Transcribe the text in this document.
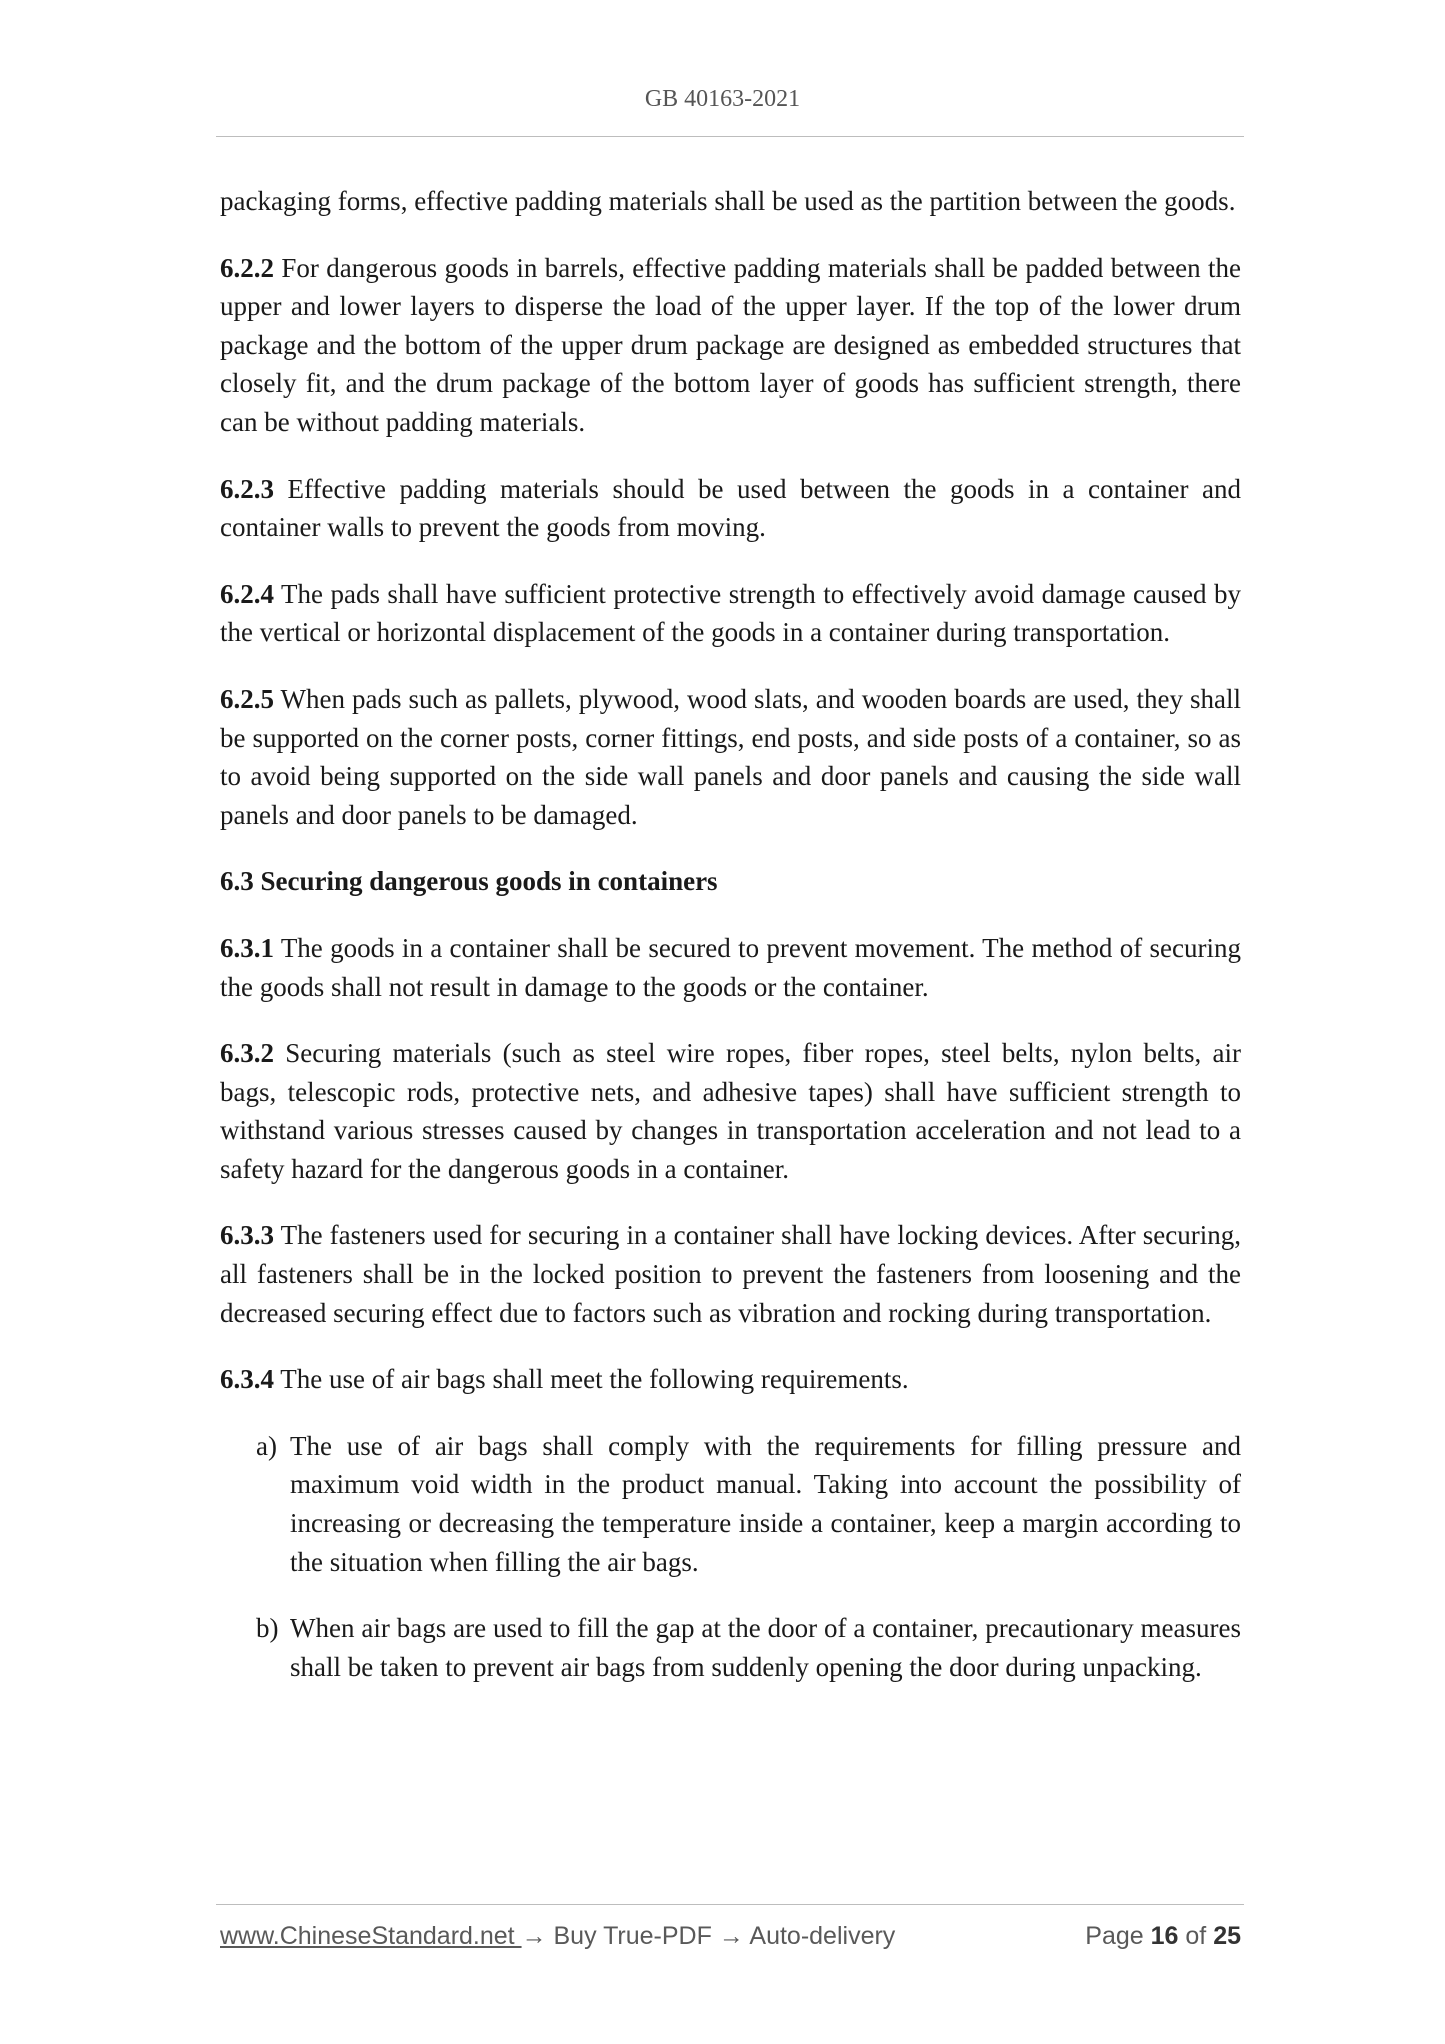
GB 40163-2021

packaging forms, effective padding materials shall be used as the partition between the goods.

6.2.2 For dangerous goods in barrels, effective padding materials shall be padded between the upper and lower layers to disperse the load of the upper layer. If the top of the lower drum package and the bottom of the upper drum package are designed as embedded structures that closely fit, and the drum package of the bottom layer of goods has sufficient strength, there can be without padding materials.

6.2.3 Effective padding materials should be used between the goods in a container and container walls to prevent the goods from moving.

6.2.4 The pads shall have sufficient protective strength to effectively avoid damage caused by the vertical or horizontal displacement of the goods in a container during transportation.

6.2.5 When pads such as pallets, plywood, wood slats, and wooden boards are used, they shall be supported on the corner posts, corner fittings, end posts, and side posts of a container, so as to avoid being supported on the side wall panels and door panels and causing the side wall panels and door panels to be damaged.

6.3 Securing dangerous goods in containers

6.3.1 The goods in a container shall be secured to prevent movement. The method of securing the goods shall not result in damage to the goods or the container.

6.3.2 Securing materials (such as steel wire ropes, fiber ropes, steel belts, nylon belts, air bags, telescopic rods, protective nets, and adhesive tapes) shall have sufficient strength to withstand various stresses caused by changes in transportation acceleration and not lead to a safety hazard for the dangerous goods in a container.

6.3.3 The fasteners used for securing in a container shall have locking devices. After securing, all fasteners shall be in the locked position to prevent the fasteners from loosening and the decreased securing effect due to factors such as vibration and rocking during transportation.

6.3.4 The use of air bags shall meet the following requirements.

a) The use of air bags shall comply with the requirements for filling pressure and maximum void width in the product manual. Taking into account the possibility of increasing or decreasing the temperature inside a container, keep a margin according to the situation when filling the air bags.
b) When air bags are used to fill the gap at the door of a container, precautionary measures shall be taken to prevent air bags from suddenly opening the door during unpacking.
www.ChineseStandard.net → Buy True-PDF → Auto-delivery	Page 16 of 25
